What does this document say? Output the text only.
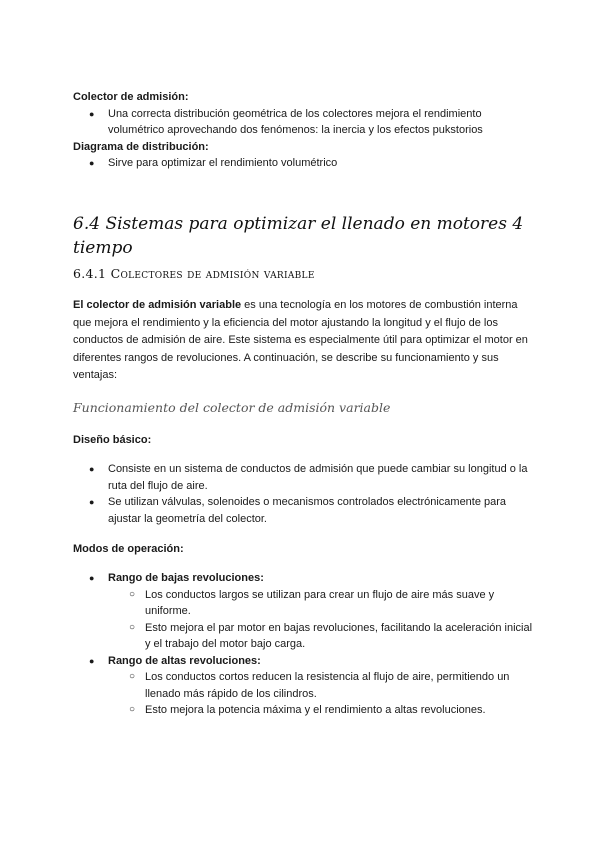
Colector de admisión:
● Una correcta distribución geométrica de los colectores mejora el rendimiento volumétrico aprovechando dos fenómenos: la inercia y los efectos pukstorios
Diagrama de distribución:
● Sirve para optimizar el rendimiento volumétrico
6.4 Sistemas para optimizar el llenado en motores 4 tiempo
6.4.1 Colectores de admisión variable
El colector de admisión variable es una tecnología en los motores de combustión interna que mejora el rendimiento y la eficiencia del motor ajustando la longitud y el flujo de los conductos de admisión de aire. Este sistema es especialmente útil para optimizar el motor en diferentes rangos de revoluciones. A continuación, se describe su funcionamiento y sus ventajas:
Funcionamiento del colector de admisión variable
Diseño básico:
● Consiste en un sistema de conductos de admisión que puede cambiar su longitud o la ruta del flujo de aire.
● Se utilizan válvulas, solenoides o mecanismos controlados electrónicamente para ajustar la geometría del colector.
Modos de operación:
● Rango de bajas revoluciones:
○ Los conductos largos se utilizan para crear un flujo de aire más suave y uniforme.
○ Esto mejora el par motor en bajas revoluciones, facilitando la aceleración inicial y el trabajo del motor bajo carga.
● Rango de altas revoluciones:
○ Los conductos cortos reducen la resistencia al flujo de aire, permitiendo un llenado más rápido de los cilindros.
○ Esto mejora la potencia máxima y el rendimiento a altas revoluciones.
